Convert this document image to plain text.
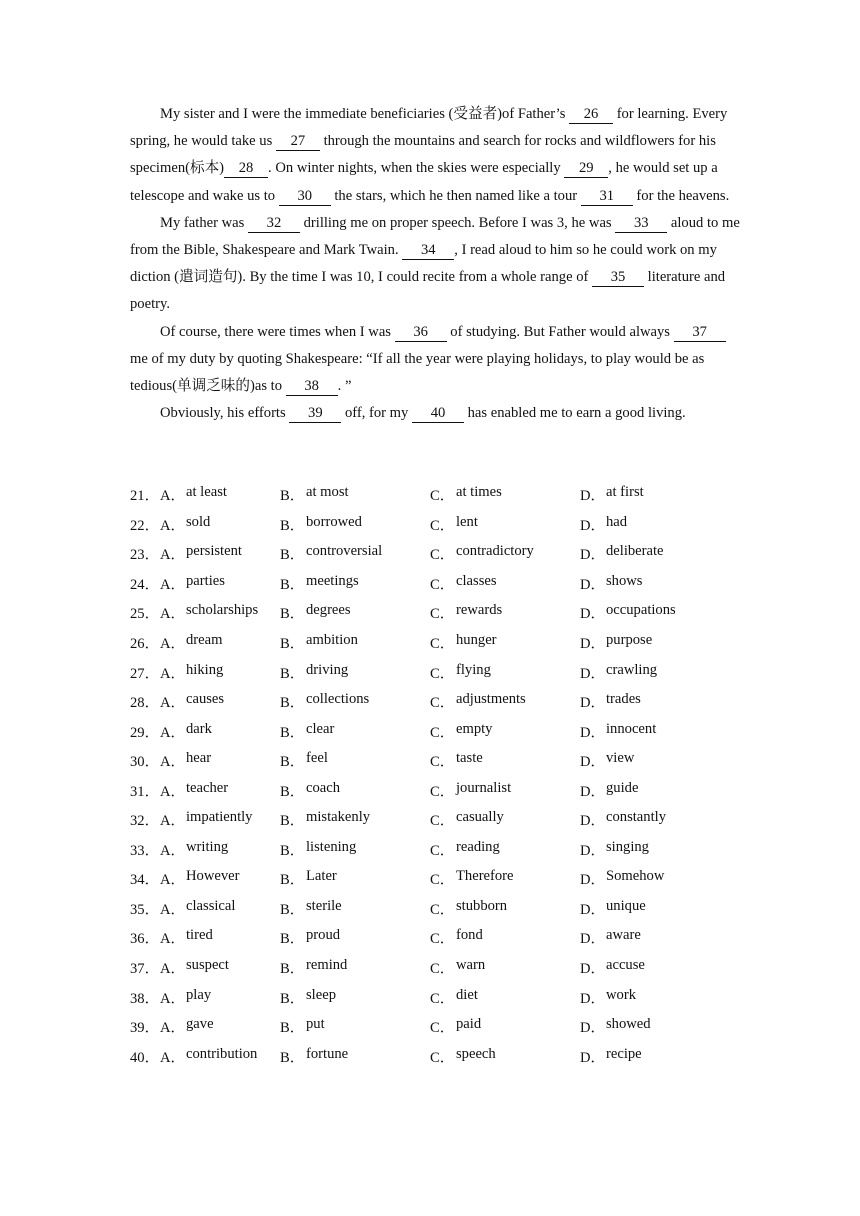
My sister and I were the immediate beneficiaries (受益者)of Father’s 26 for learning. Every spring, he would take us 27 through the mountains and search for rocks and wildflowers for his specimen(标本) 28 . On winter nights, when the skies were especially 29 , he would set up a telescope and wake us to 30 the stars, which he then named like a tour 31 for the heavens.

My father was 32 drilling me on proper speech. Before I was 3, he was 33 aloud to me from the Bible, Shakespeare and Mark Twain. 34 , I read aloud to him so he could work on my diction (遣词造句). By the time I was 10, I could recite from a whole range of 35 literature and poetry.

Of course, there were times when I was 36 of studying. But Father would always 37 me of my duty by quoting Shakespeare: “If all the year were playing holidays, to play would be as tedious(单调乏味的)as to 38 . ”

Obviously, his efforts 39 off, for my 40 has enabled me to earn a good living.

21． A． at least	B． at most	C． at times	D． at first
22． A． sold	B． borrowed	C． lent	D． had
23． A． persistent	B． controversial	C． contradictory	D． deliberate
24． A． parties	B． meetings	C． classes	D． shows
25． A． scholarships B． degrees	C． rewards	D． occupations
26． A． dream	B． ambition	C． hunger	D． purpose
27． A． hiking	B． driving	C． flying	D． crawling
28． A． causes	B． collections	C． adjustments	D． trades
29． A． dark	B． clear	C． empty	D． innocent
30． A． hear	B． feel	C． taste	D． view
31． A． teacher	B． coach	C． journalist	D． guide
32． A． impatiently B． mistakenly	C． casually	D． constantly
33． A． writing	B． listening	C． reading	D． singing
34． A． However	B． Later	C． Therefore	D． Somehow
35． A． classical	B． sterile	C． stubborn	D． unique
36． A． tired	B． proud	C． fond	D． aware
37． A． suspect	B． remind	C． warn	D． accuse
38． A． play	B． sleep	C． diet	D． work
39． A． gave	B． put	C． paid	D． showed
40． A． contribution B． fortune	C． speech	D． recipe
